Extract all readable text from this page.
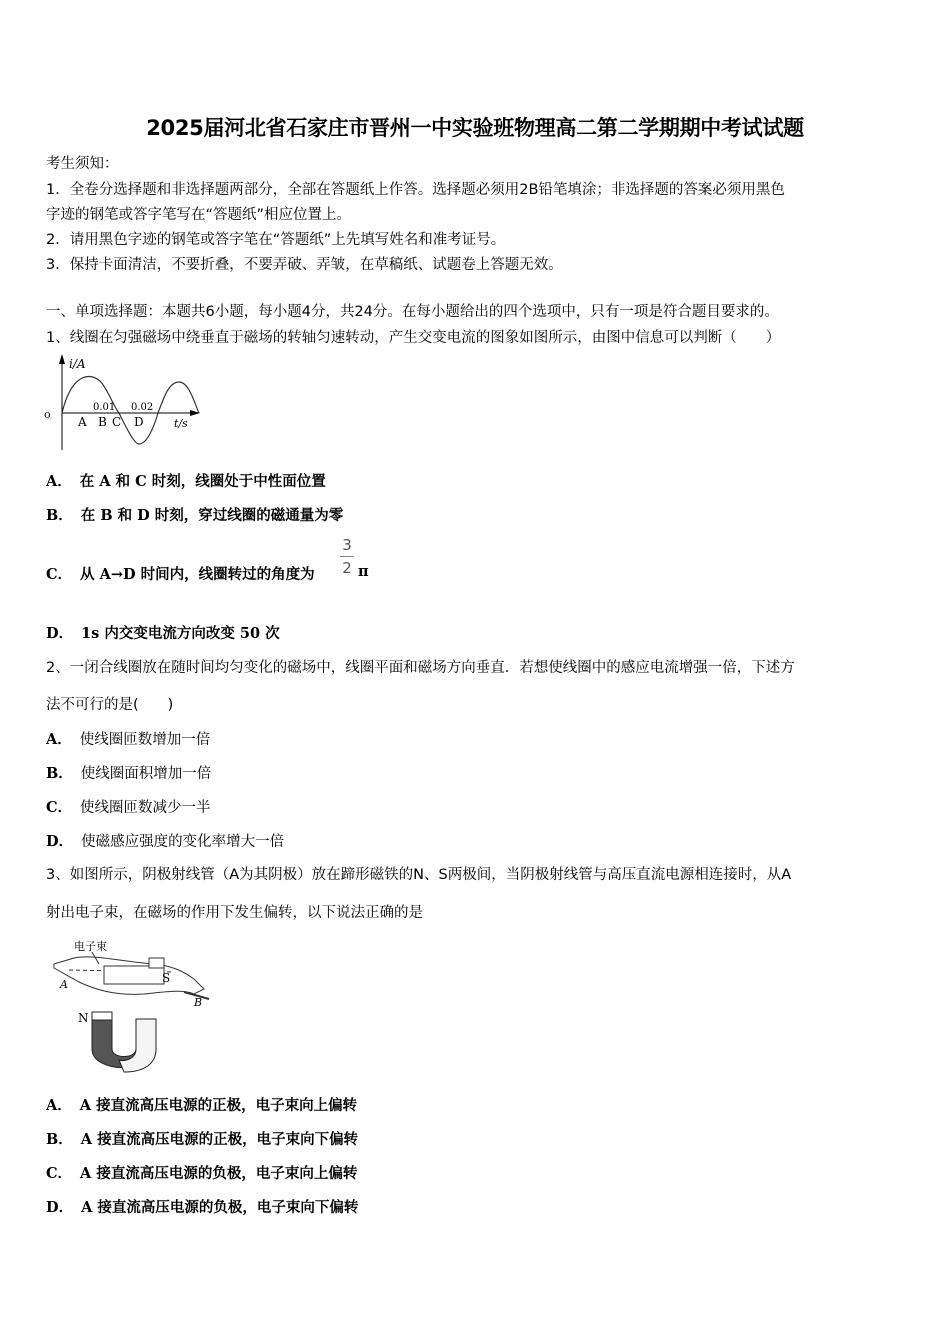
2025届河北省石家庄市晋州一中实验班物理高二第二学期期中考试试题
考生须知：
1．全卷分选择题和非选择题两部分，全部在答题纸上作答。选择题必须用2B铅笔填涂；非选择题的答案必须用黑色
字迹的钢笔或答字笔写在“答题纸”相应位置上。
2．请用黑色字迹的钢笔或答字笔在“答题纸”上先填写姓名和准考证号。
3．保持卡面清洁，不要折叠，不要弄破、弄皱，在草稿纸、试题卷上答题无效。
一、单项选择题：本题共6小题，每小题4分，共24分。在每小题给出的四个选项中，只有一项是符合题目要求的。
1、线圈在匀强磁场中绕垂直于磁场的转轴匀速转动，产生交变电流的图象如图所示，由图中信息可以判断（　　）
o
i/A
t/s
0.01 0.02
A B C D
A． 在 A 和 C 时刻，线圈处于中性面位置
B． 在 B 和 D 时刻，穿过线圈的磁通量为零
C． 从 A→D 时间内，线圈转过的角度为
3
2 π
D． 1s 内交变电流方向改变 50 次
2、一闭合线圈放在随时间均匀变化的磁场中，线圈平面和磁场方向垂直．若想使线圈中的感应电流增强一倍，下述方
法不可行的是(　　)
A． 使线圈匝数增加一倍
B． 使线圈面积增加一倍
C． 使线圈匝数减少一半
D． 使磁感应强度的变化率增大一倍
3、如图所示，阴极射线管（A为其阴极）放在蹄形磁铁的N、S两极间，当阴极射线管与高压直流电源相连接时，从A
射出电子束，在磁场的作用下发生偏转，以下说法正确的是
电子束
A
B
N
S
A． A 接直流高压电源的正极，电子束向上偏转
B． A 接直流高压电源的正极，电子束向下偏转
C． A 接直流高压电源的负极，电子束向上偏转
D． A 接直流高压电源的负极，电子束向下偏转
